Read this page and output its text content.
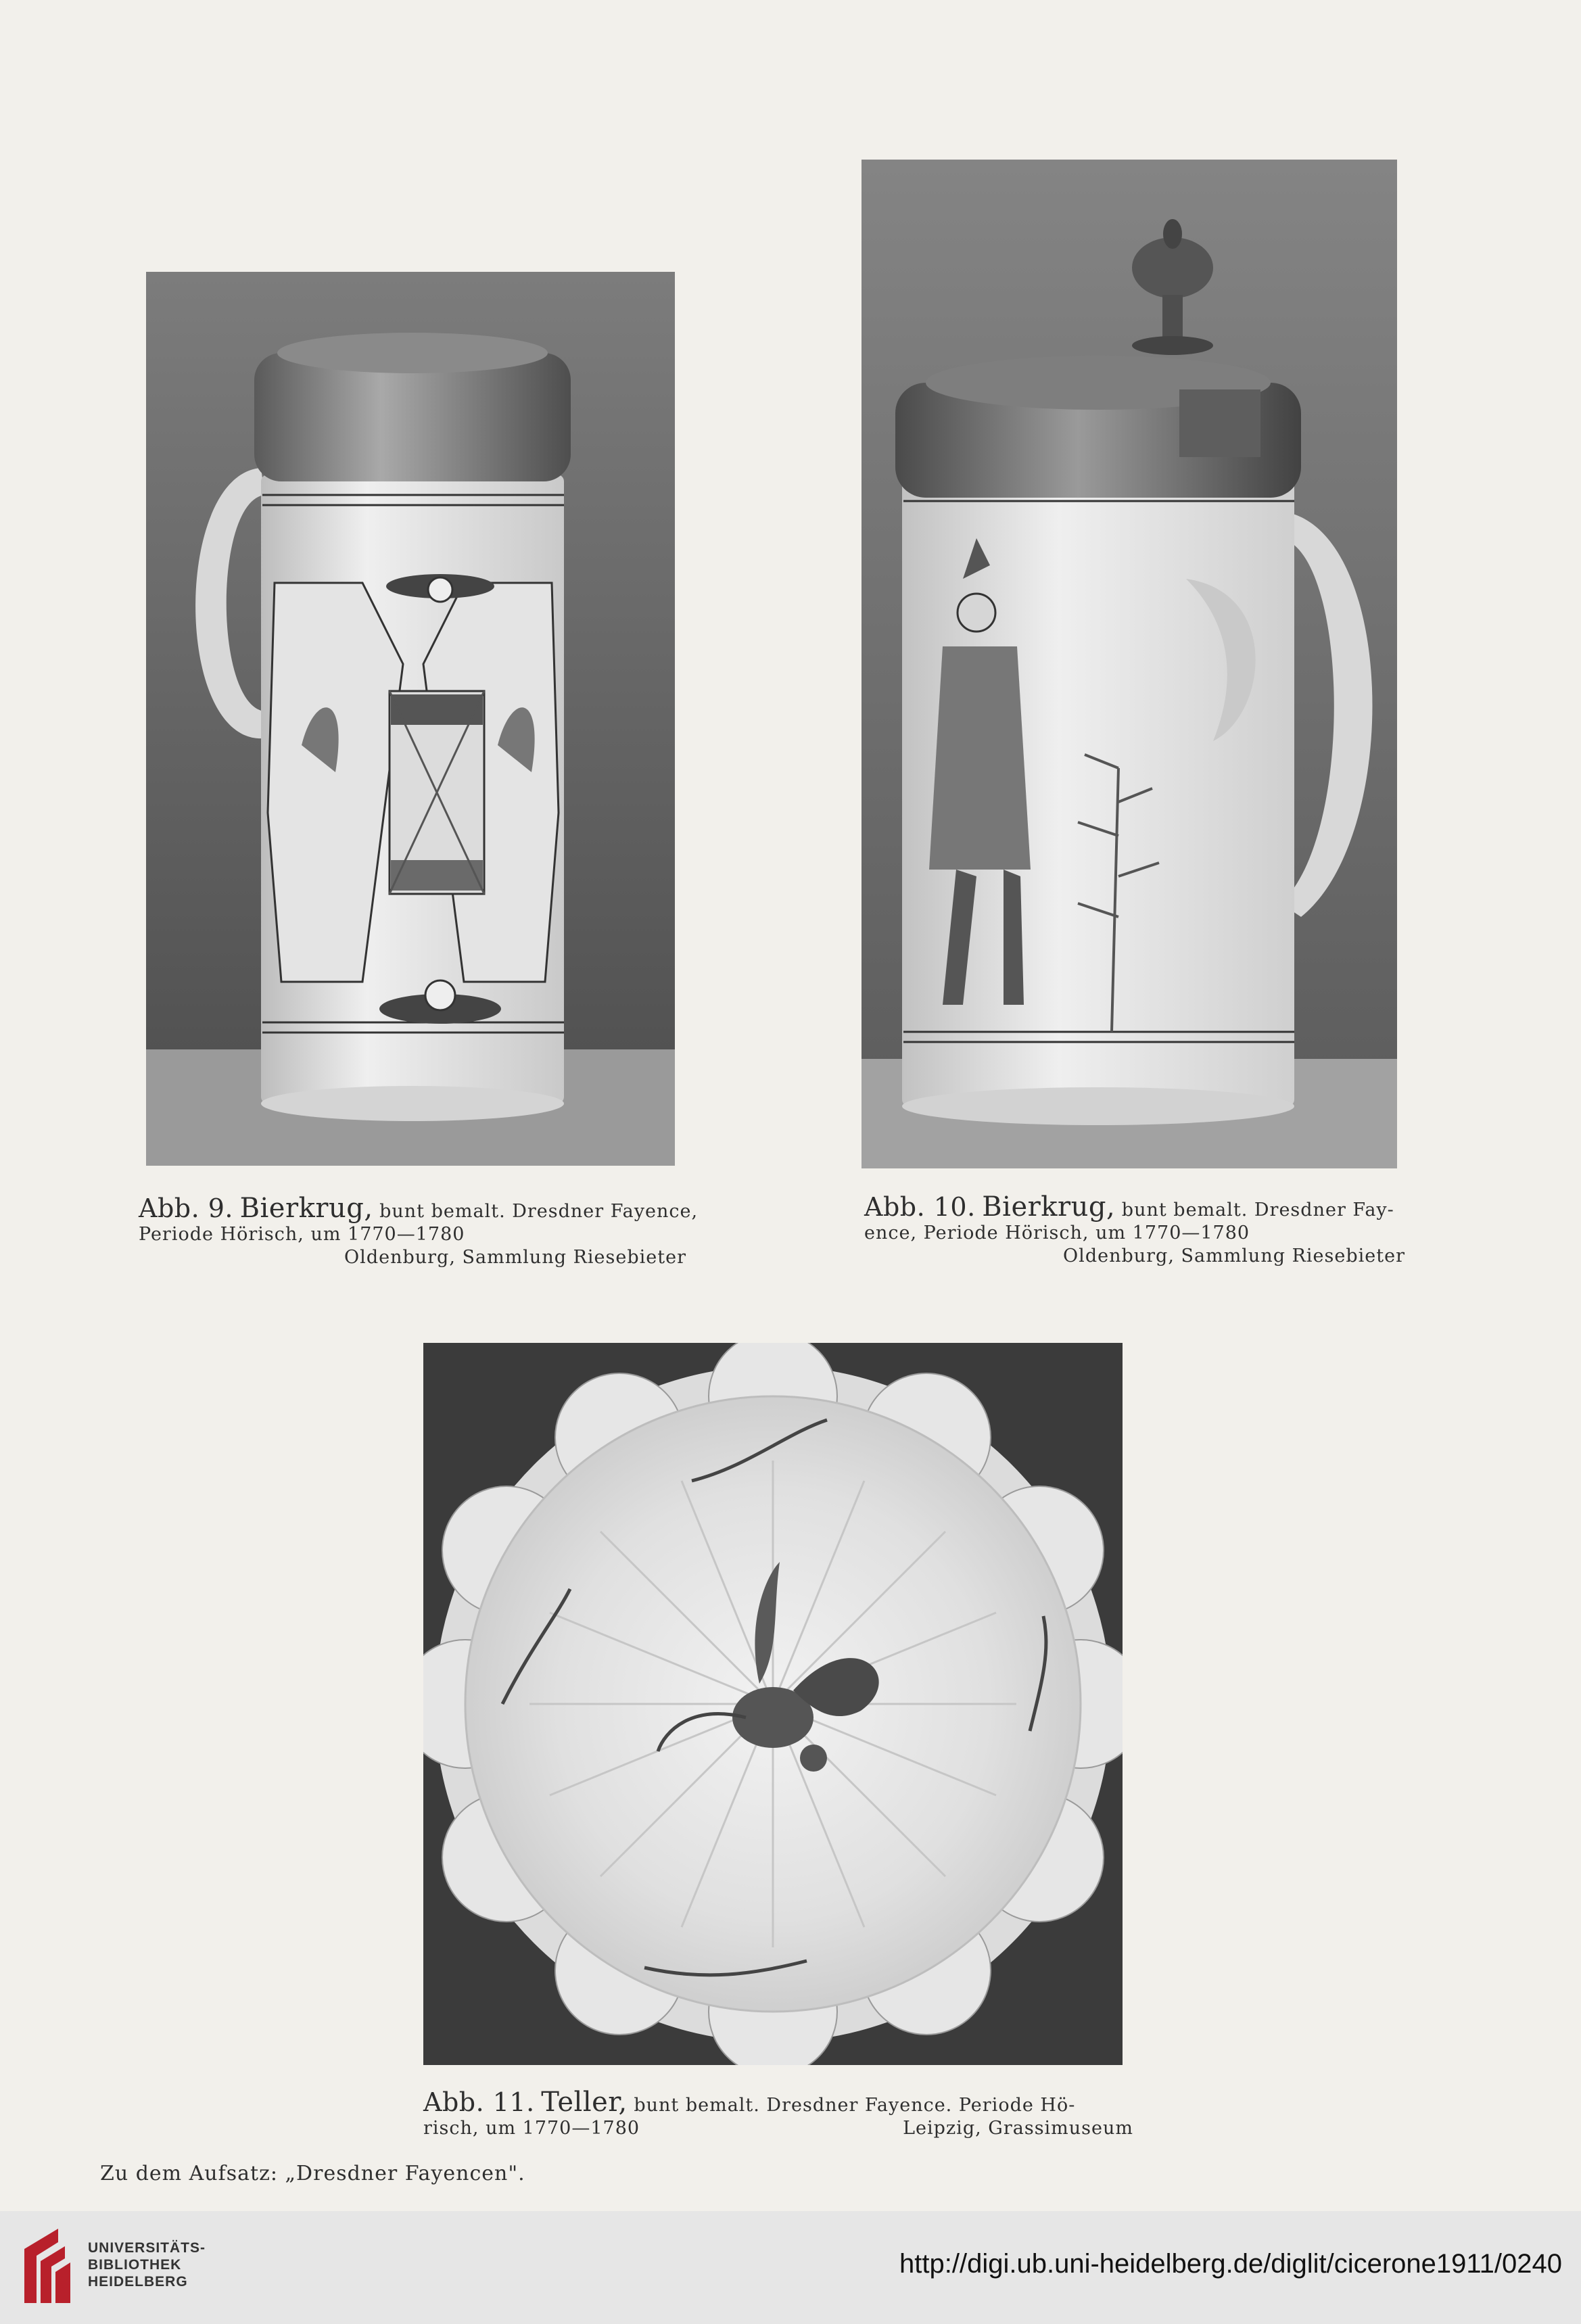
Abb. 9. Bierkrug, bunt bemalt. Dresdner Fayence,
Periode Hörisch, um 1770—1780
Oldenburg, Sammlung Riesebieter
Abb. 10. Bierkrug, bunt bemalt. Dresdner Fay-
ence, Periode Hörisch, um 1770—1780
Oldenburg, Sammlung Riesebieter
Abb. 11. Teller, bunt bemalt. Dresdner Fayence. Periode Hö-
risch, um 1770—1780	Leipzig, Grassimuseum
Zu dem Aufsatz: „Dresdner Fayencen".
UNIVERSITÄTS-
BIBLIOTHEK
HEIDELBERG
http://digi.ub.uni-heidelberg.de/diglit/cicerone1911/0240
